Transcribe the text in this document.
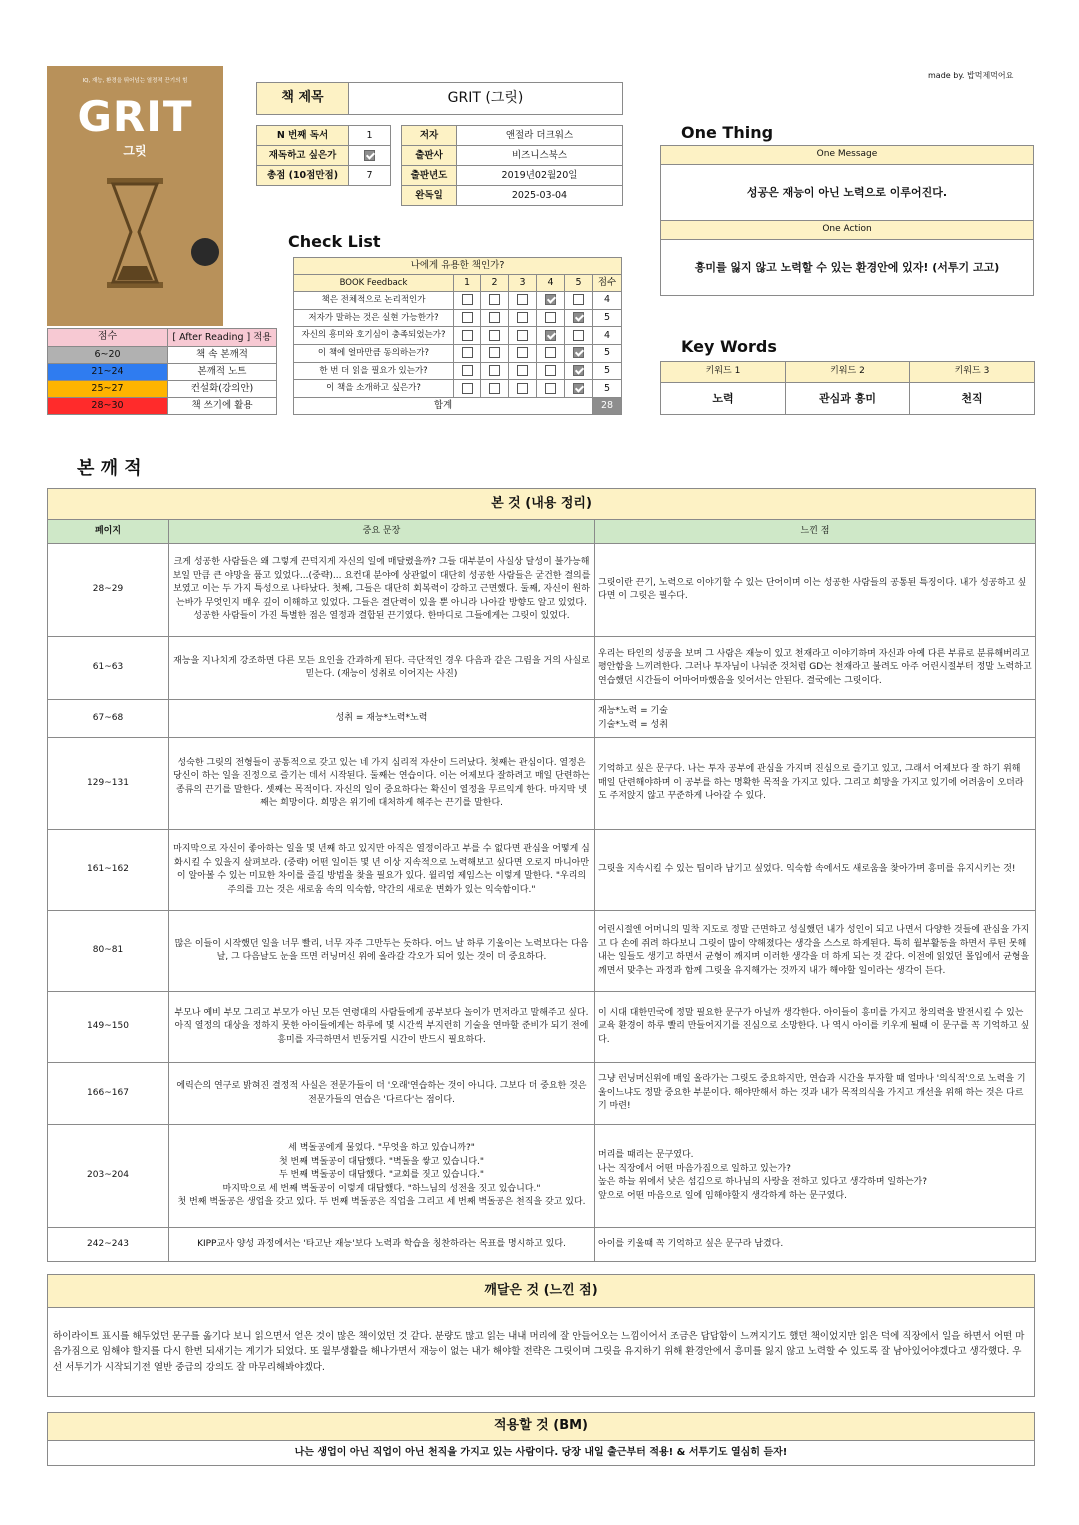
made by. 밥먹제먹어요
IQ, 재능, 환경을 뛰어넘는 열정적 끈기의 힘
GRIT
그릿
점수	[ After Reading ] 적용
6~20	책 속 본깨적
21~24	본깨적 노트
25~27	컨설화(강의안)
28~30	책 쓰기에 활용
책 제목	GRIT (그릿)
N 번째 독서	1
재독하고 싶은가	
총점 (10점만점)	7
저자	앤절라 더크워스
출판사	비즈니스북스
출판년도	2019년02월20일
완독일	2025-03-04
Check List
나에게 유용한 책인가?						
BOOK Feedback	1	2	3	4	5	점수
책은 전체적으로 논리적인가						4
저자가 말하는 것은 실현 가능한가?						5
자신의 흥미와 호기심이 충족되었는가?						4
이 책에 얼마만큼 동의하는가?						5
한 번 더 읽을 필요가 있는가?						5
이 책을 소개하고 싶은가?						5
합계						28
One Thing
One Message
성공은 재능이 아닌 노력으로 이루어진다.
One Action
흥미를 잃지 않고 노력할 수 있는 환경안에 있자! (서투기 고고)
Key Words
키워드 1	키워드 2	키워드 3
노력	관심과 흥미	천직
본 깨 적
본 것 (내용 정리)		
페이지	중요 문장	느낀 점
28~29	크게 성공한 사람들은 왜 그렇게 끈덕지게 자신의 일에 매달렸을까? 그들 대부분이 사실상 달성이 불가능해 보일 만큼 큰 야망을 품고 있었다...(중략)... 요컨대 분야에 상관없이 대단히 성공한 사람들은 굳건한 결의를 보였고 이는 두 가지 특성으로 나타났다. 첫째, 그들은 대단히 회복력이 강하고 근면했다. 둘째, 자신이 원하는바가 무엇인지 매우 깊이 이해하고 있었다. 그들은 결단력이 있을 뿐 아니라 나아갈 방향도 알고 있었다. 성공한 사람들이 가진 특별한 점은 열정과 결합된 끈기였다. 한마디로 그들에게는 그릿이 있었다.	그릿이란 끈기, 노력으로 이야기할 수 있는 단어이며 이는 성공한 사람들의 공통된 특징이다. 내가 성공하고 싶다면 이 그릿은 필수다.
61~63	재능을 지나치게 강조하면 다른 모든 요인을 간과하게 된다. 극단적인 경우 다음과 같은 그림을 거의 사실로 믿는다. (재능이 성취로 이어지는 사진)	우리는 타인의 성공을 보며 그 사람은 재능이 있고 천재라고 이야기하며 자신과 아예 다른 부류로 분류해버리고 평안함을 느끼려한다. 그러나 투자님이 나눠준 것처럼 GD는 천재라고 불려도 아주 어린시절부터 정말 노력하고 연습했던 시간들이 어마어마했음을 잊어서는 안된다. 결국에는 그릿이다.
67~68	성취 = 재능*노력*노력	재능*노력 = 기술
기술*노력 = 성취
129~131	성숙한 그릿의 전형들이 공통적으로 갖고 있는 네 가지 심리적 자산이 드러났다. 첫째는 관심이다. 열정은 당신이 하는 일을 진정으로 즐기는 데서 시작된다. 둘째는 연습이다. 이는 어제보다 잘하려고 매일 단련하는 종류의 끈기를 말한다. 셋째는 목적이다. 자신의 일이 중요하다는 확신이 열정을 무르익게 한다. 마지막 넷째는 희망이다. 희망은 위기에 대처하게 해주는 끈기를 말한다.	기억하고 싶은 문구다. 나는 투자 공부에 관심을 가지며 진심으로 즐기고 있고, 그래서 어제보다 잘 하기 위해 매일 단련해야하며 이 공부를 하는 명확한 목적을 가지고 있다. 그리고 희망을 가지고 있기에 어려움이 오더라도 주저앉지 않고 꾸준하게 나아갈 수 있다.
161~162	마지막으로 자신이 좋아하는 일을 몇 년째 하고 있지만 아직은 열정이라고 부를 수 없다면 관심을 어떻게 심화시킬 수 있을지 살펴보라. (중략) 어떤 일이든 몇 년 이상 지속적으로 노력해보고 싶다면 오로지 마니아만이 알아볼 수 있는 미묘한 차이를 즐길 방법을 찾을 필요가 있다. 윌리엄 제임스는 이렇게 말한다. "우리의 주의를 끄는 것은 새로움 속의 익숙함, 약간의 새로운 변화가 있는 익숙함이다."	그릿을 지속시킬 수 있는 팁이라 남기고 싶었다. 익숙함 속에서도 새로움을 찾아가며 흥미를 유지시키는 것!
80~81	많은 이들이 시작했던 일을 너무 빨리, 너무 자주 그만두는 듯하다. 어느 날 하루 기울이는 노력보다는 다음 날, 그 다음날도 눈을 뜨면 러닝머신 위에 올라갈 각오가 되어 있는 것이 더 중요하다.	어린시절엔 어머니의 밀착 지도로 정말 근면하고 성실했던 내가 성인이 되고 나면서 다양한 것들에 관심을 가지고 다 손에 쥐려 하다보니 그릿이 많이 약해졌다는 생각을 스스로 하게된다. 특히 월부활동을 하면서 루틴 못해내는 일들도 생기고 하면서 균형이 깨지며 이러한 생각을 더 하게 되는 것 같다. 이전에 읽었던 몰입에서 균형을 깨면서 맞추는 과정과 함께 그릿을 유지해가는 것까지 내가 해야할 일이라는 생각이 든다.
149~150	부모나 예비 부모 그리고 부모가 아닌 모든 연령대의 사람들에게 공부보다 놀이가 먼저라고 말해주고 싶다. 아직 열정의 대상을 정하지 못한 아이들에게는 하루에 몇 시간씩 부지런히 기술을 연마할 준비가 되기 전에 흥미를 자극하면서 빈둥거릴 시간이 반드시 필요하다.	이 시대 대한민국에 정말 필요한 문구가 아닐까 생각한다. 아이들이 흥미를 가지고 창의력을 발전시킬 수 있는 교육 환경이 하루 빨리 만들어지기를 진심으로 소망한다. 나 역시 아이를 키우게 될때 이 문구를 꼭 기억하고 싶다.
166~167	에릭슨의 연구로 밝혀진 결정적 사실은 전문가들이 더 '오래'연습하는 것이 아니다. 그보다 더 중요한 것은 전문가들의 연습은 '다르다'는 점이다.	그냥 런닝머신위에 매일 올라가는 그릿도 중요하지만, 연습과 시간을 투자할 때 얼마나 '의식적'으로 노력을 기울이느냐도 정말 중요한 부분이다. 해야만해서 하는 것과 내가 목적의식을 가지고 개선을 위해 하는 것은 다르기 마련!
203~204	세 벽돌공에게 물었다. "무엇을 하고 있습니까?"
첫 번째 벽돌공이 대답했다. "벽돌을 쌓고 있습니다."
두 번째 벽돌공이 대답했다. "교회를 짓고 있습니다."
마지막으로 세 번째 벽돌공이 이렇게 대답했다. "하느님의 성전을 짓고 있습니다."
첫 번째 벽돌공은 생업을 갖고 있다. 두 번째 벽돌공은 직업을 그리고 세 번째 벽돌공은 천직을 갖고 있다.	머리를 때리는 문구였다.
나는 직장에서 어떤 마음가짐으로 일하고 있는가?
높은 하늘 위에서 낮은 섬김으로 하나님의 사랑을 전하고 있다고 생각하며 일하는가?
앞으로 어떤 마음으로 일에 임해야할지 생각하게 하는 문구였다.
242~243	KIPP교사 양성 과정에서는 '타고난 재능'보다 노력과 학습을 칭찬하라는 목표를 명시하고 있다.	아이를 키울때 꼭 기억하고 싶은 문구라 남겼다.
깨달은 것 (느낀 점)
하이라이트 표시를 해두었던 문구를 옮기다 보니 읽으면서 얻은 것이 많은 책이었던 것 같다. 분량도 많고 읽는 내내 머리에 잘 안들어오는 느낌이어서 조금은 답답함이 느껴지기도 했던 책이었지만 읽은 덕에 직장에서 일을 하면서 어떤 마음가짐으로 임해야 할지를 다시 한번 되새기는 계기가 되었다. 또 월부생활을 해나가면서 재능이 없는 내가 해야할 전략은 그릿이며 그릿을 유지하기 위해 환경안에서 흥미를 잃지 않고 노력할 수 있도록 잘 남아있어야겠다고 생각했다. 우선 서투기가 시작되기전 열반 중급의 강의도 잘 마무리해봐야겠다.
적용할 것 (BM)
나는 생업이 아닌 직업이 아닌 천직을 가지고 있는 사람이다. 당장 내일 출근부터 적용! & 서투기도 열심히 듣자!
